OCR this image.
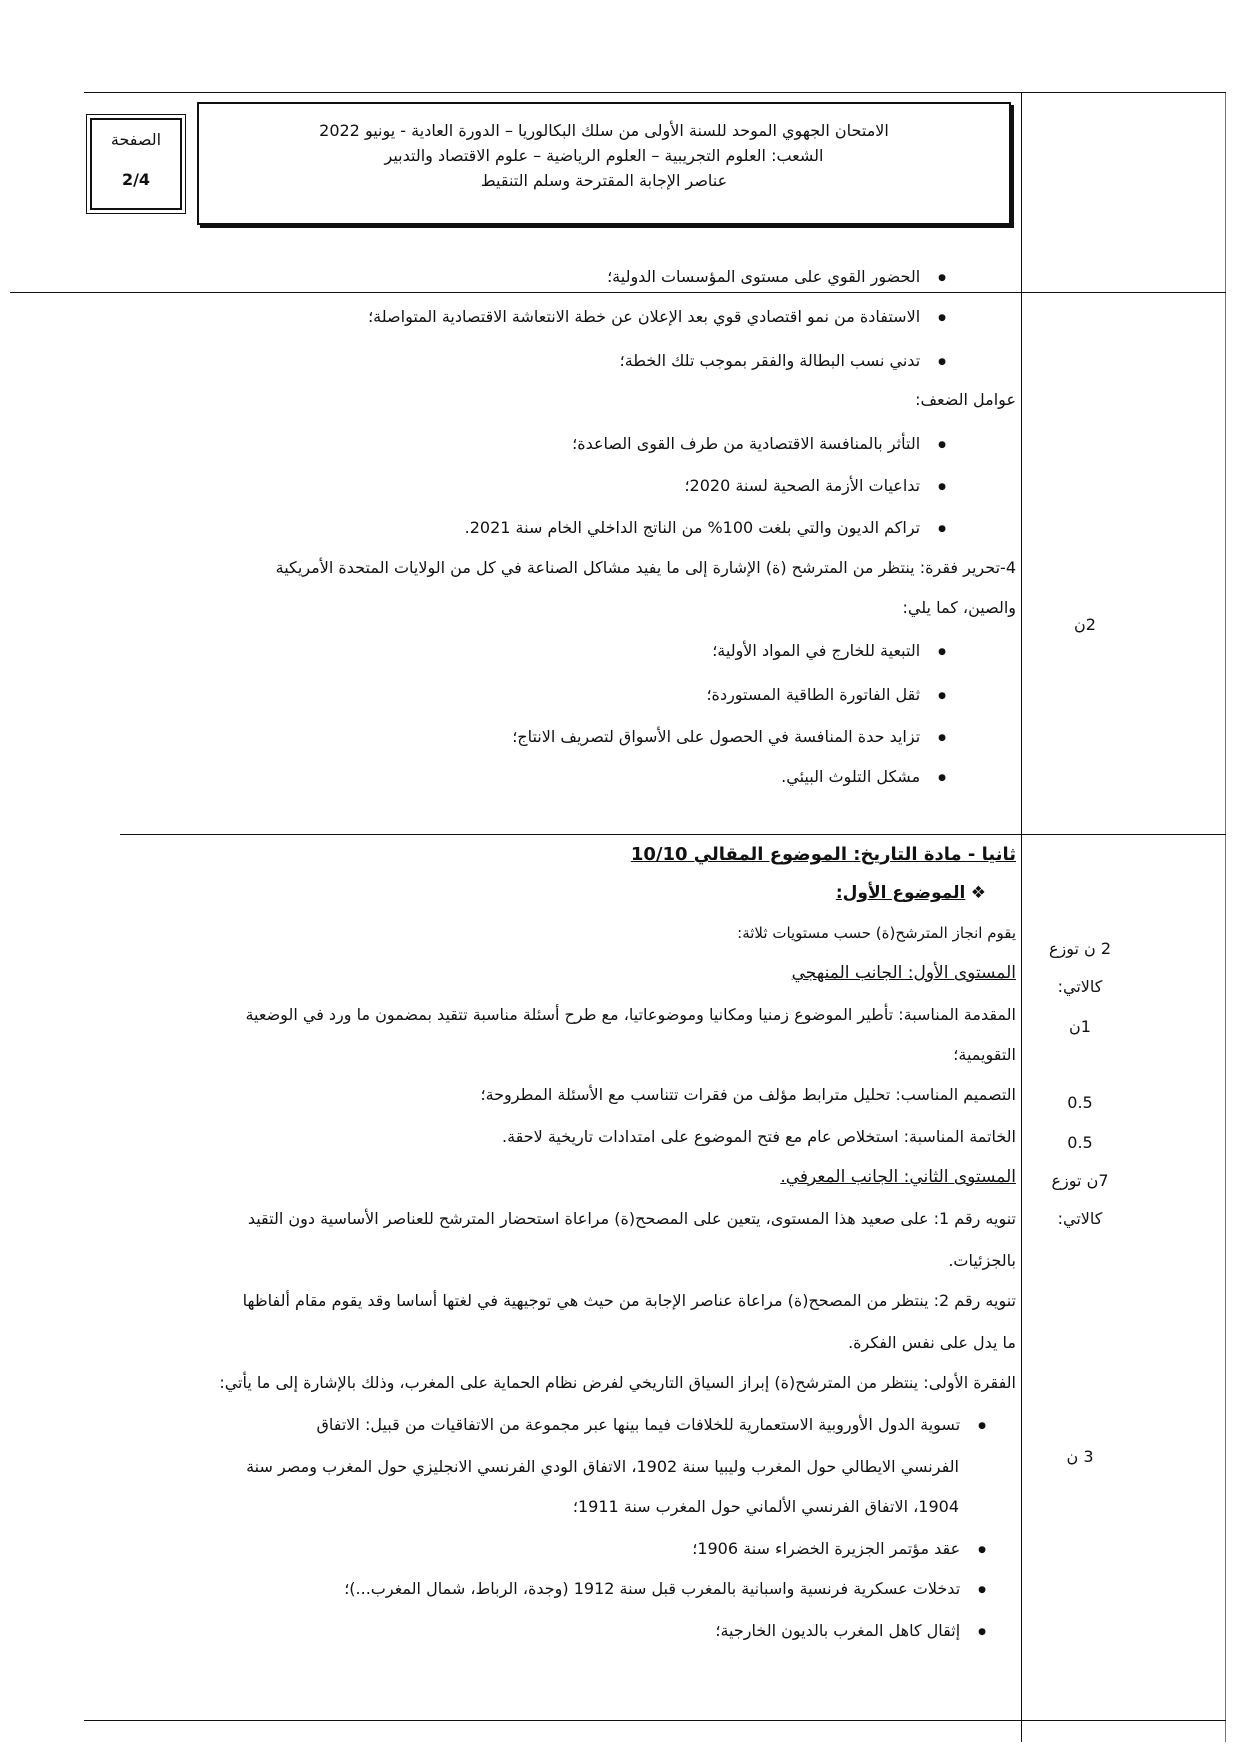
الصفحة
2/4
الامتحان الجهوي الموحد للسنة الأولى من سلك البكالوريا – الدورة العادية - يونيو 2022
الشعب: العلوم التجريبية – العلوم الرياضية – علوم الاقتصاد والتدبير
عناصر الإجابة المقترحة وسلم التنقيط
● الحضور القوي على مستوى المؤسسات الدولية؛
● الاستفادة من نمو اقتصادي قوي بعد الإعلان عن خطة الانتعاشة الاقتصادية المتواصلة؛
● تدني نسب البطالة والفقر بموجب تلك الخطة؛
عوامل الضعف:
● التأثر بالمنافسة الاقتصادية من طرف القوى الصاعدة؛
● تداعيات الأزمة الصحية لسنة 2020؛
● تراكم الديون والتي بلغت 100% من الناتج الداخلي الخام سنة 2021.
4-تحرير فقرة: ينتظر من المترشح (ة) الإشارة إلى ما يفيد مشاكل الصناعة في كل من الولايات المتحدة الأمريكية
والصين، كما يلي:
● التبعية للخارج في المواد الأولية؛
● ثقل الفاتورة الطاقية المستوردة؛
● تزايد حدة المنافسة في الحصول على الأسواق لتصريف الانتاج؛
● مشكل التلوث البيئي.
2ن
ثانيا - مادة التاريخ: الموضوع المقالي 10/10
❖ الموضوع الأول:
يقوم انجاز المترشح(ة) حسب مستويات ثلاثة:
المستوى الأول: الجانب المنهجي
المقدمة المناسبة: تأطير الموضوع زمنيا ومكانيا وموضوعاتيا، مع طرح أسئلة مناسبة تتقيد بمضمون ما ورد في الوضعية
التقويمية؛
التصميم المناسب: تحليل مترابط مؤلف من فقرات تتناسب مع الأسئلة المطروحة؛
الخاتمة المناسبة: استخلاص عام مع فتح الموضوع على امتدادات تاريخية لاحقة.
المستوى الثاني: الجانب المعرفي.
تنويه رقم 1: على صعيد هذا المستوى، يتعين على المصحح(ة) مراعاة استحضار المترشح للعناصر الأساسية دون التقيد
بالجزئيات.
تنويه رقم 2: ينتظر من المصحح(ة) مراعاة عناصر الإجابة من حيث هي توجيهية في لغتها أساسا وقد يقوم مقام ألفاظها
ما يدل على نفس الفكرة.
الفقرة الأولى: ينتظر من المترشح(ة) إبراز السياق التاريخي لفرض نظام الحماية على المغرب، وذلك بالإشارة إلى ما يأتي:
● تسوية الدول الأوروبية الاستعمارية للخلافات فيما بينها عبر مجموعة من الاتفاقيات من قبيل: الاتفاق
الفرنسي الايطالي حول المغرب وليبيا سنة 1902، الاتفاق الودي الفرنسي الانجليزي حول المغرب ومصر سنة
1904، الاتفاق الفرنسي الألماني حول المغرب سنة 1911؛
● عقد مؤتمر الجزيرة الخضراء سنة 1906؛
● تدخلات عسكرية فرنسية واسبانية بالمغرب قبل سنة 1912 (وجدة، الرباط، شمال المغرب...)؛
● إثقال كاهل المغرب بالديون الخارجية؛
2 ن توزع
كالاتي:
1ن
0.5
0.5
7ن توزع
كالاتي:
3 ن
